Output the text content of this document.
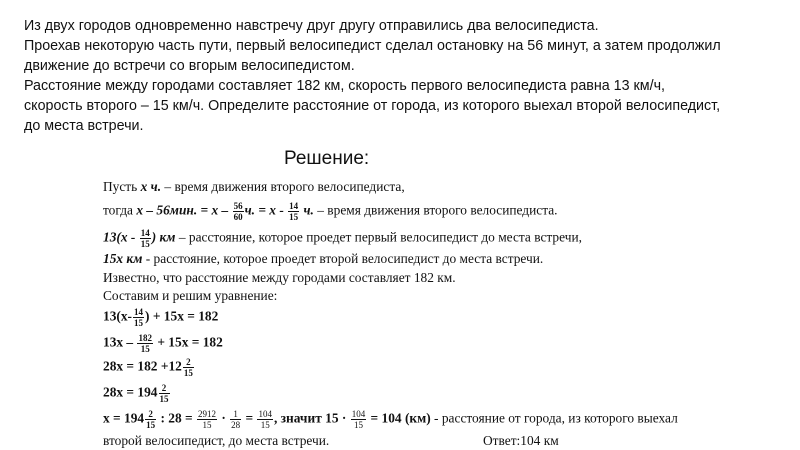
Из двух городов одновременно навстречу друг другу отправились два велосипедиста.
Проехав некоторую часть пути, первый велосипедист сделал остановку на 56 минут, а затем продолжил
движение до встречи со вгорым велосипедистом.
Расстояние между городами составляет 182 км, скорость первого велосипедиста равна 13 км/ч,
скорость второго – 15 км/ч. Определите расстояние от города, из которого выехал второй велосипедист,
до места встречи.
Решение:
Пусть х ч. – время движения второго велосипедиста,
тогда х – 56мин. = х – $\frac{56}{60} ч$. = х - $\frac{14}{15} ч$. – время движения второго велосипедиста.
$13(х - \frac{14}{15}$ ) км – расстояние, которое проедет первый велосипедист до места встречи,
15х км - расстояние, которое проедет второй велосипедист до места встречи.
Известно, что расстояние между городами составляет 182 км.
Составим и решим уравнение:
$13(х- \frac{14}{15}$ ) + 15х = 182
$13х - \frac{182}{15} + 15х = 182$
$28х = 182 +12 \frac{2}{15}$
$28х = 194 \frac{2}{15}$
$х = 194 \frac{2}{15}$ : $28 = \frac{2912}{15} \cdot \frac{1}{28} = \frac{104}{15}$ , значит $15 \cdot \frac{104}{15} = 104$ (км) - расстояние от города, из которого выехал
второй велосипедист, до места встречи.	Ответ:104 км
